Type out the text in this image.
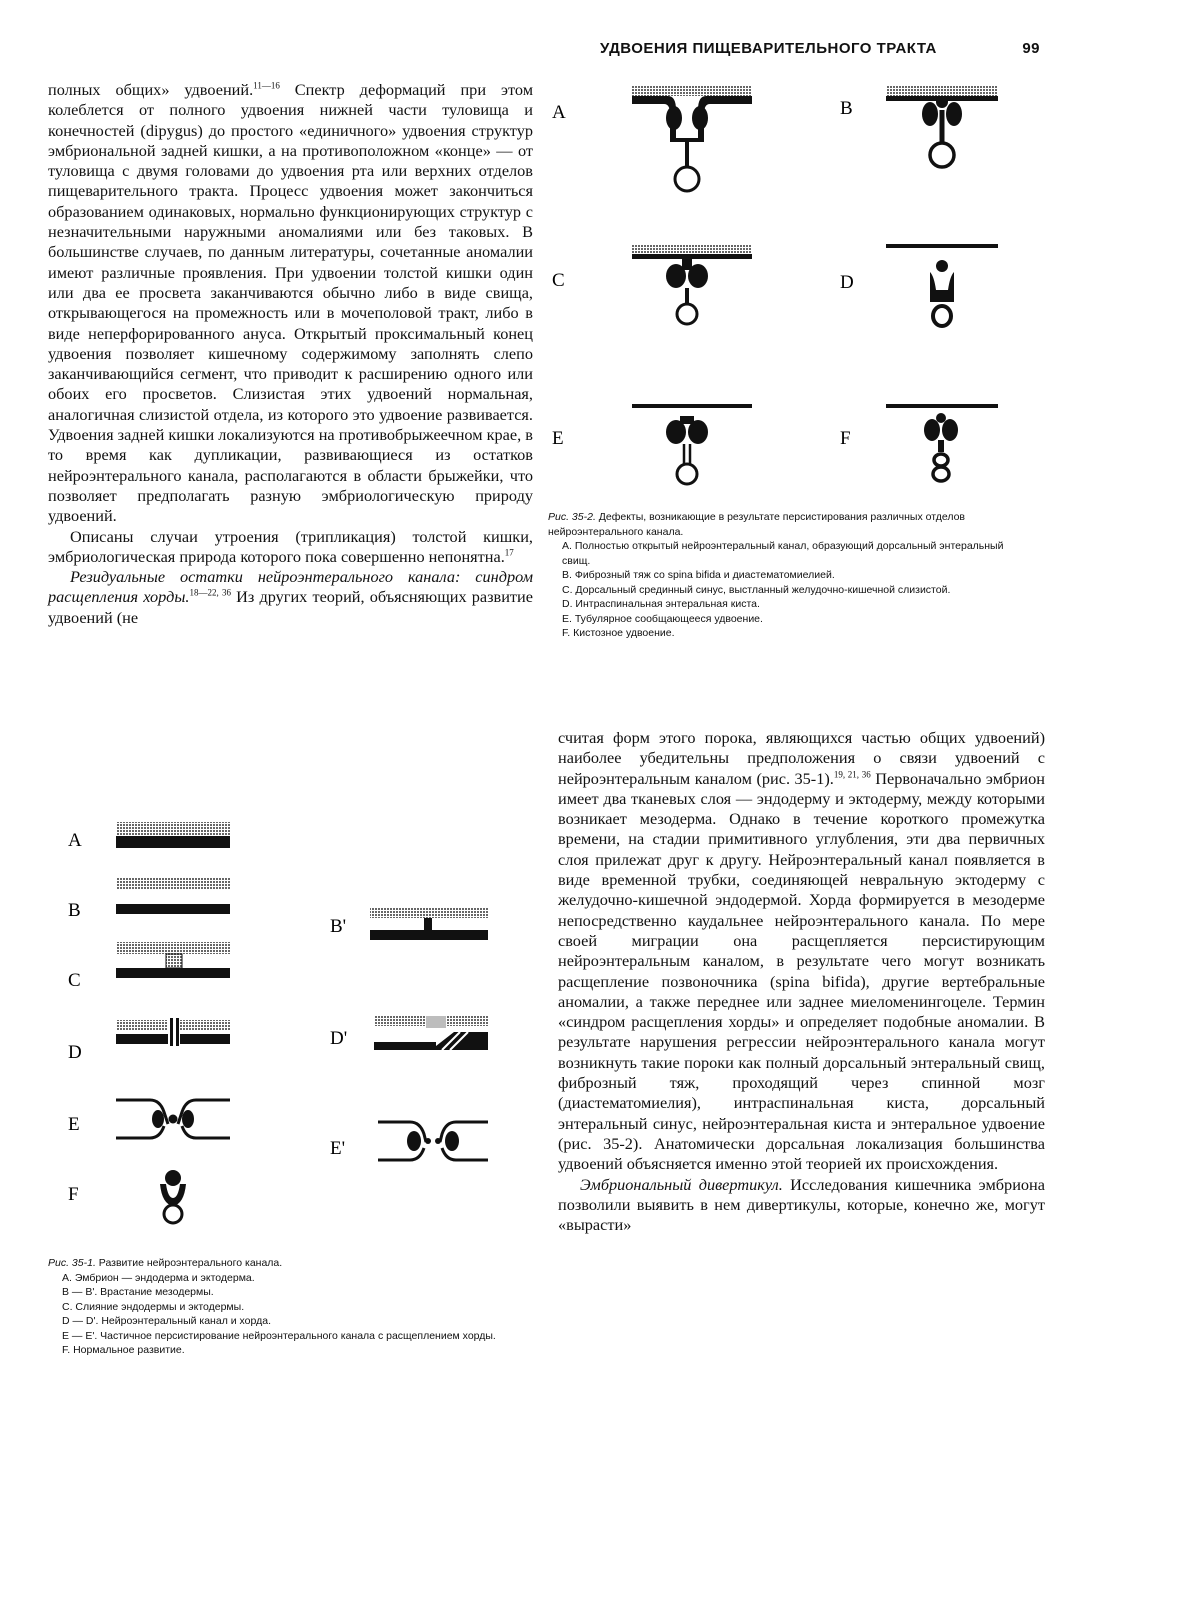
УДВОЕНИЯ ПИЩЕВАРИТЕЛЬНОГО ТРАКТА	99

полных общих» удвоений.$^{11—16}$ Спектр деформаций при этом колеблется от полного удвоения нижней части туловища и конечностей (dipygus) до простого «единичного» удвоения структур эмбриональной задней кишки, а на противоположном «конце» — от туловища с двумя головами до удвоения рта или верхних отделов пищеварительного тракта. Процесс удвоения может закончиться образованием одинаковых, нормально функционирующих структур с незначительными наружными аномалиями или без таковых. В большинстве случаев, по данным литературы, сочетанные аномалии имеют различные проявления. При удвоении толстой кишки один или два ее просвета заканчиваются обычно либо в виде свища, открывающегося на промежность или в мочеполовой тракт, либо в виде неперфорированного ануса. Открытый проксимальный конец удвоения позволяет кишечному содержимому заполнять слепо заканчивающийся сегмент, что приводит к расширению одного или обоих его просветов. Слизистая этих удвоений нормальная, аналогичная слизистой отдела, из которого это удвоение развивается. Удвоения задней кишки локализуются на противобрыжеечном крае, в то время как дупликации, развивающиеся из остатков нейроэнтерального канала, располагаются в области брыжейки, что позволяет предполагать разную эмбриологическую природу удвоений.

Описаны случаи утроения (трипликация) толстой кишки, эмбриологическая природа которого пока совершенно непонятна.$^{17}$

Резидуальные остатки нейроэнтерального канала: синдром расщепления хорды.$^{18—22, 36}$ Из других теорий, объясняющих развитие удвоений (не

A	B
C	D
E	F
Рис. 35-2. Дефекты, возникающие в результате персистирования различных отделов нейроэнтерального канала.
А. Полностью открытый нейроэнтеральный канал, образующий дорсальный энтеральный свищ.
В. Фиброзный тяж со spina bifida и диастематомиелией.
С. Дорсальный срединный синус, выстланный желудочно-кишечной слизистой.
D. Интраспинальная энтеральная киста.
Е. Тубулярное сообщающееся удвоение.
F. Кистозное удвоение.

считая форм этого порока, являющихся частью общих удвоений) наиболее убедительны предположения о связи удвоений с нейроэнтеральным каналом (рис. 35-1).$^{19, 21, 36}$ Первоначально эмбрион имеет два тканевых слоя — эндодерму и эктодерму, между которыми возникает мезодерма. Однако в течение короткого промежутка времени, на стадии примитивного углубления, эти два первичных слоя прилежат друг к другу. Нейроэнтеральный канал появляется в виде временной трубки, соединяющей невральную эктодерму с желудочно-кишечной эндодермой. Хорда формируется в мезодерме непосредственно каудальнее нейроэнтерального канала. По мере своей миграции она расщепляется персистирующим нейроэнтеральным каналом, в результате чего могут возникать расщепление позвоночника (spina bifida), другие вертебральные аномалии, а также переднее или заднее миеломенингоцеле. Термин «синдром расщепления хорды» и определяет подобные аномалии. В результате нарушения регрессии нейроэнтерального канала могут возникнуть такие пороки как полный дорсальный энтеральный свищ, фиброзный тяж, проходящий через спинной мозг (диастематомиелия), интраспинальная киста, дорсальный энтеральный синус, нейроэнтеральная киста и энтеральное удвоение (рис. 35-2). Анатомически дорсальная локализация большинства удвоений объясняется именно этой теорией их происхождения.

Эмбриональный дивертикул. Исследования кишечника эмбриона позволили выявить в нем дивертикулы, которые, конечно же, могут «вырасти»

A
B
C
D
E
F
B'
D'
E'
Рис. 35-1. Развитие нейроэнтерального канала.
А. Эмбрион — эндодерма и эктодерма.
В — В'. Врастание мезодермы.
С. Слияние эндодермы и эктодермы.
D — D'. Нейроэнтеральный канал и хорда.
Е — Е'. Частичное персистирование нейроэнтерального канала с расщеплением хорды.
F. Нормальное развитие.
